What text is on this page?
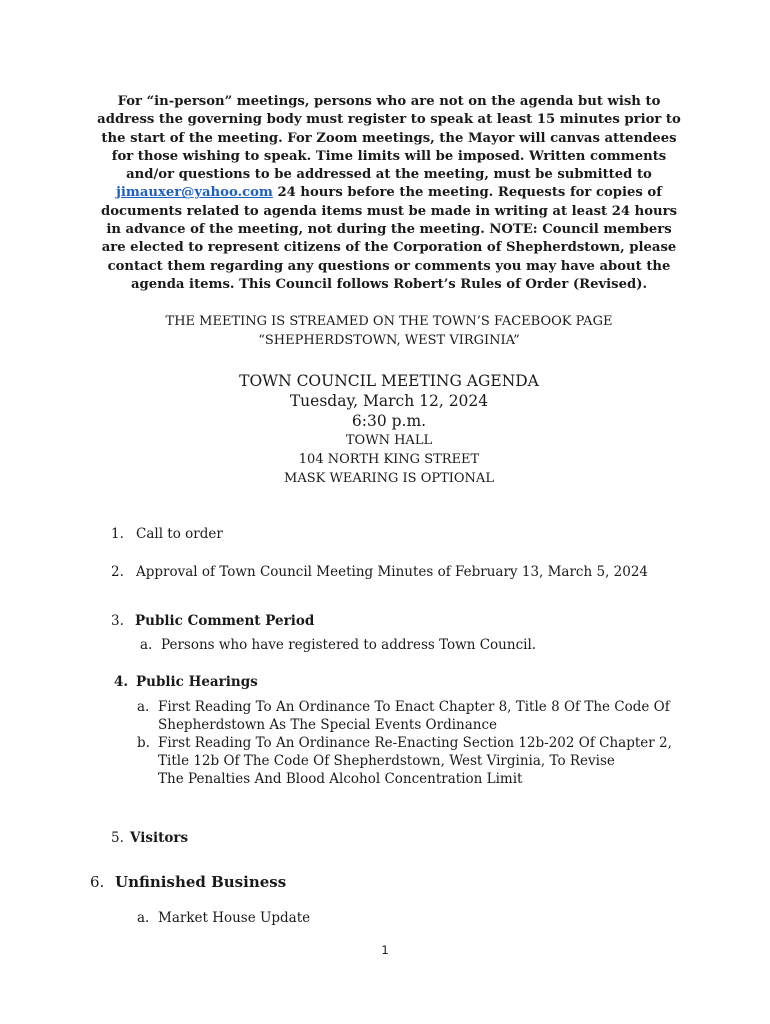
For “in-person” meetings, persons who are not on the agenda but wish to
address the governing body must register to speak at least 15 minutes prior to
the start of the meeting. For Zoom meetings, the Mayor will canvas attendees
for those wishing to speak. Time limits will be imposed. Written comments
and/or questions to be addressed at the meeting, must be submitted to
jimauxer@yahoo.com 24 hours before the meeting. Requests for copies of
documents related to agenda items must be made in writing at least 24 hours
in advance of the meeting, not during the meeting. NOTE: Council members
are elected to represent citizens of the Corporation of Shepherdstown, please
contact them regarding any questions or comments you may have about the
agenda items. This Council follows Robert’s Rules of Order (Revised).
THE MEETING IS STREAMED ON THE TOWN’S FACEBOOK PAGE
“SHEPHERDSTOWN, WEST VIRGINIA”
TOWN COUNCIL MEETING AGENDA
Tuesday, March 12, 2024
6:30 p.m.
TOWN HALL
104 NORTH KING STREET
MASK WEARING IS OPTIONAL
1. Call to order
2. Approval of Town Council Meeting Minutes of February 13, March 5, 2024
3. Public Comment Period
a. Persons who have registered to address Town Council.
4. Public Hearings
a. First Reading To An Ordinance To Enact Chapter 8, Title 8 Of The Code Of
Shepherdstown As The Special Events Ordinance
b. First Reading To An Ordinance Re-Enacting Section 12b-202 Of Chapter 2,
Title 12b Of The Code Of Shepherdstown, West Virginia, To Revise
The Penalties And Blood Alcohol Concentration Limit
5. Visitors
6. Unfinished Business
a. Market House Update
1
